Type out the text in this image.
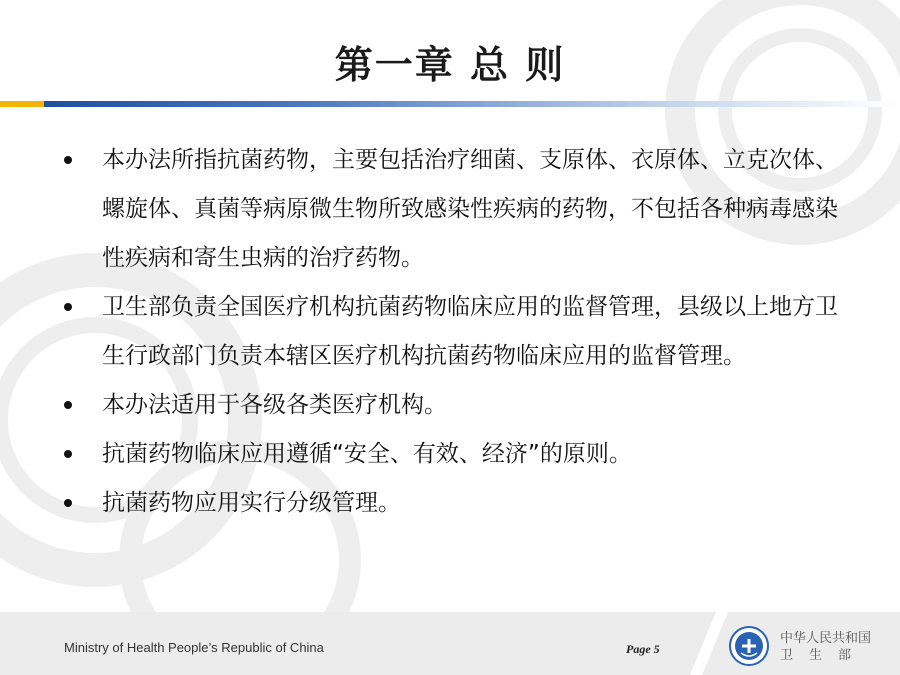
第一章 总 则
本办法所指抗菌药物，主要包括治疗细菌、支原体、衣原体、立克次体、螺旋体、真菌等病原微生物所致感染性疾病的药物，不包括各种病毒感染性疾病和寄生虫病的治疗药物。
卫生部负责全国医疗机构抗菌药物临床应用的监督管理，县级以上地方卫生行政部门负责本辖区医疗机构抗菌药物临床应用的监督管理。
本办法适用于各级各类医疗机构。
抗菌药物临床应用遵循“安全、有效、经济”的原则。
抗菌药物应用实行分级管理。
Ministry of Health People’s Republic of China	Page 5
中华人民共和国
卫生部
